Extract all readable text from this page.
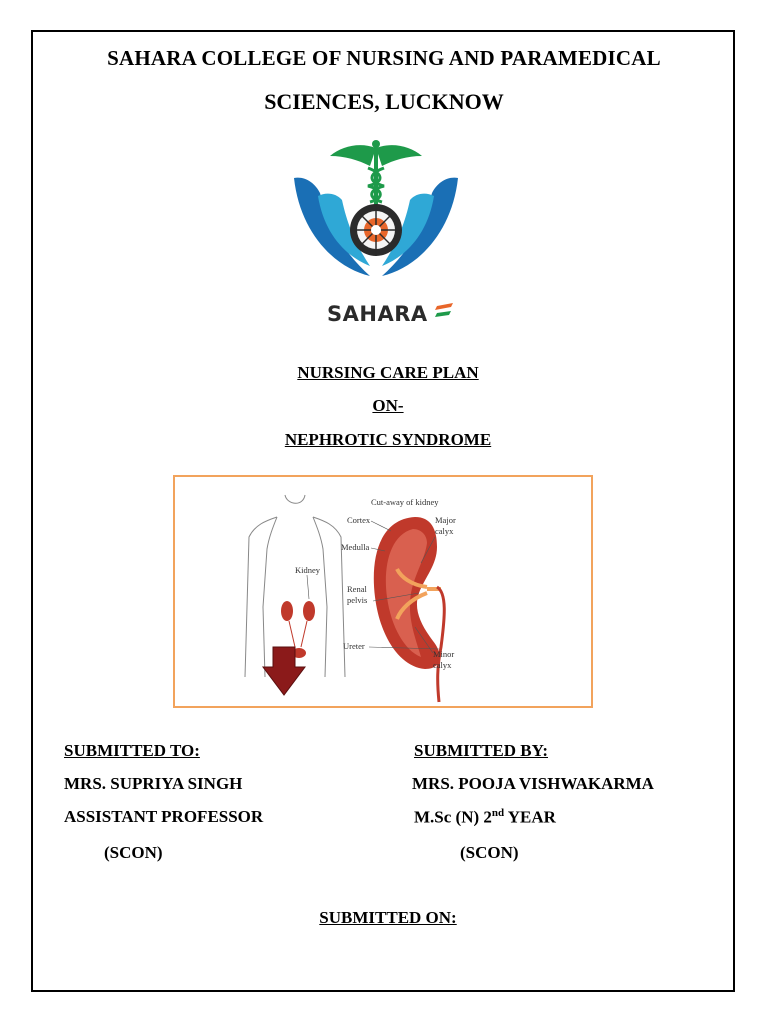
SAHARA COLLEGE OF NURSING AND PARAMEDICAL
SCIENCES, LUCKNOW
SAHARA
NURSING CARE PLAN
ON-
NEPHROTIC SYNDROME
Kidney
Cut-away of kidney
Cortex
Medulla
Major
calyx
Renal
pelvis
Ureter
Minor
calyx
SUBMITTED TO:
MRS. SUPRIYA SINGH
ASSISTANT PROFESSOR
(SCON)
SUBMITTED BY:
MRS. POOJA VISHWAKARMA
M.Sc (N) 2nd YEAR
(SCON)
SUBMITTED ON:
